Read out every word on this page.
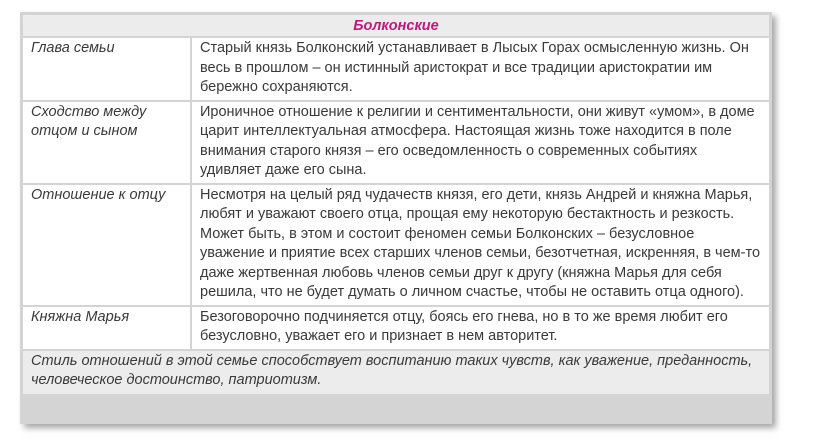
Болконские	
Глава семьи	Старый князь Болконский устанавливает в Лысых Горах осмысленную жизнь. Он весь в прошлом – он истинный аристократ и все традиции аристократии им бережно сохраняются.
Сходство между отцом и сыном	Ироничное отношение к религии и сентиментальности, они живут «умом», в доме царит интеллектуальная атмосфера. Настоящая жизнь тоже находится в поле внимания старого князя – его осведомленность о современных событиях удивляет даже его сына.
Отношение к отцу	Несмотря на целый ряд чудачеств князя, его дети, князь Андрей и княжна Марья, любят и уважают своего отца, прощая ему некоторую бестактность и резкость. Может быть, в этом и состоит феномен семьи Болконских – безусловное уважение и приятие всех старших членов семьи, безотчетная, искренняя, в чем-то даже жертвенная любовь членов семьи друг к другу (княжна Марья для себя решила, что не будет думать о личном счастье, чтобы не оставить отца одного).
Княжна Марья	Безоговорочно подчиняется отцу, боясь его гнева, но в то же время любит его безусловно, уважает его и признает в нем авторитет.
Стиль отношений в этой семье способствует воспитанию таких чувств, как уважение, преданность, человеческое достоинство, патриотизм.	
